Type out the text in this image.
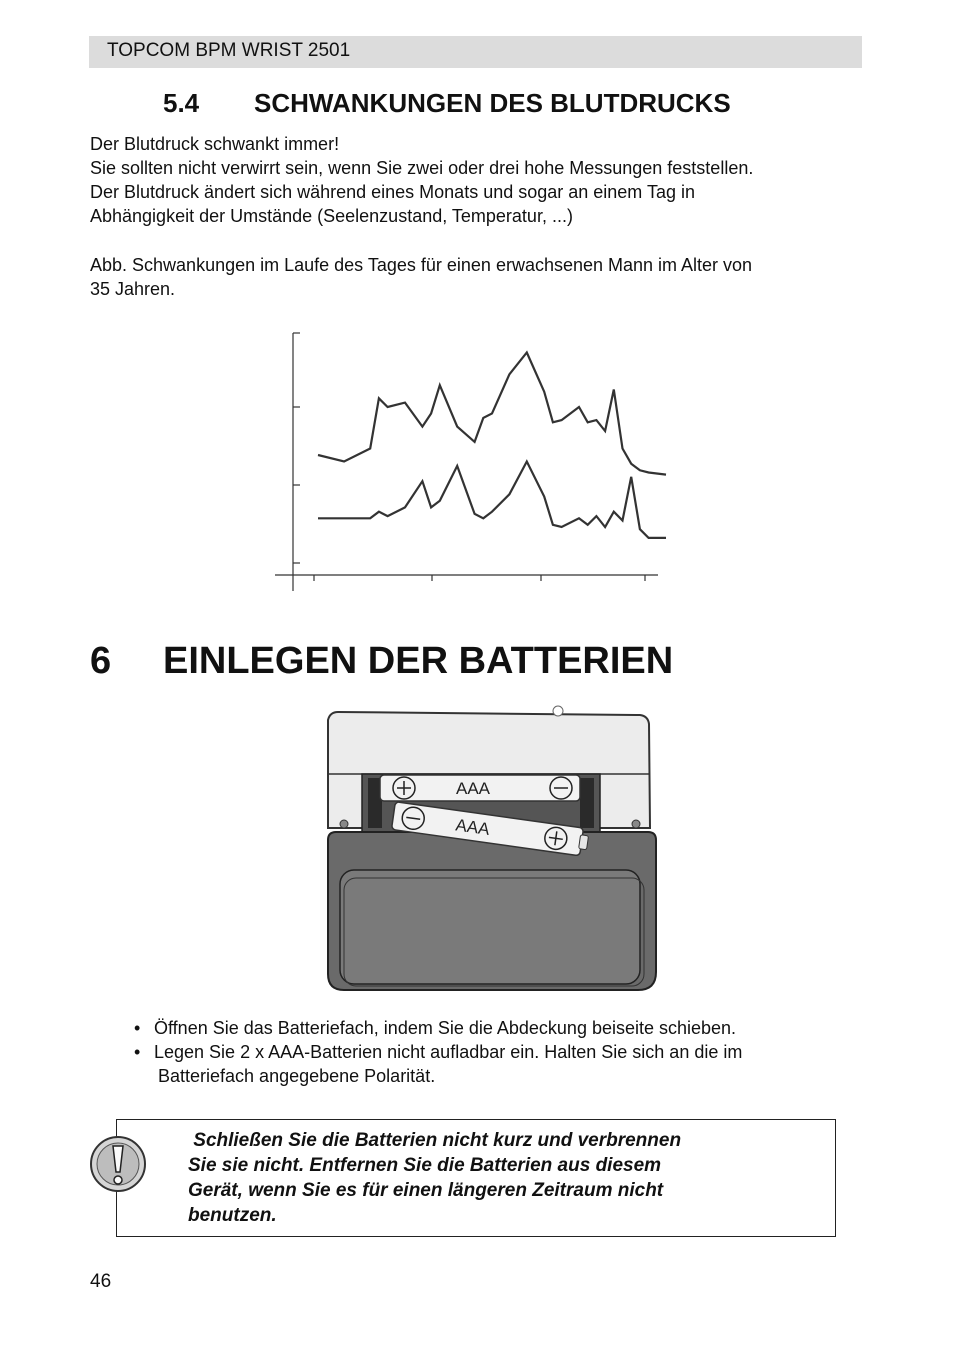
TOPCOM BPM WRIST 2501
5.4 SCHWANKUNGEN DES BLUTDRUCKS
Der Blutdruck schwankt immer!
Sie sollten nicht verwirrt sein, wenn Sie zwei oder drei hohe Messungen feststellen.
Der Blutdruck ändert sich während eines Monats und sogar an einem Tag in
Abhängigkeit der Umstände (Seelenzustand, Temperatur, ...)
Abb. Schwankungen im Laufe des Tages für einen erwachsenen Mann im Alter von
35 Jahren.
6 EINLEGEN DER BATTERIEN
AAA
AAA
• Öffnen Sie das Batteriefach, indem Sie die Abdeckung beiseite schieben.
• Legen Sie 2 x AAA-Batterien nicht aufladbar ein. Halten Sie sich an die im
Batteriefach angegebene Polarität.
Schließen Sie die Batterien nicht kurz und verbrennen
Sie sie nicht. Entfernen Sie die Batterien aus diesem
Gerät, wenn Sie es für einen längeren Zeitraum nicht
benutzen.
46
